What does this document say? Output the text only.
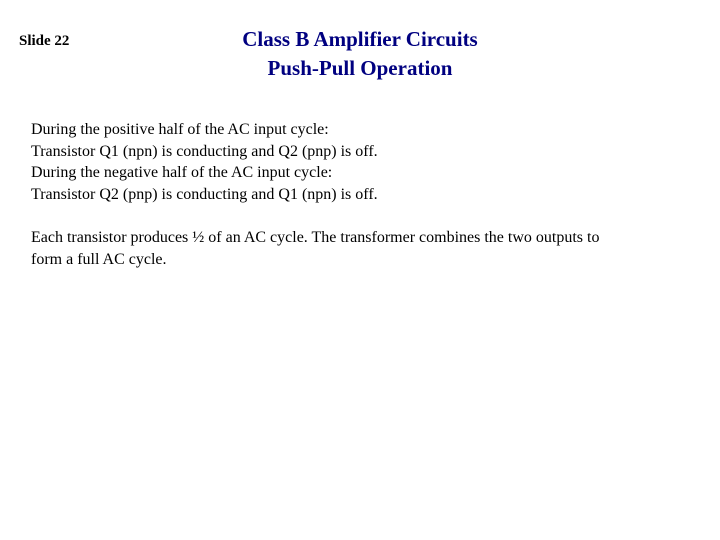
Slide 22	Class B Amplifier Circuits
Push-Pull Operation
During the positive half of the AC input cycle:
Transistor Q1 (npn) is conducting and Q2 (pnp) is off.
During the negative half of the AC input cycle:
Transistor Q2 (pnp) is conducting and Q1 (npn) is off.
Each transistor produces ½ of an AC cycle. The transformer combines the two outputs to
form a full AC cycle.
